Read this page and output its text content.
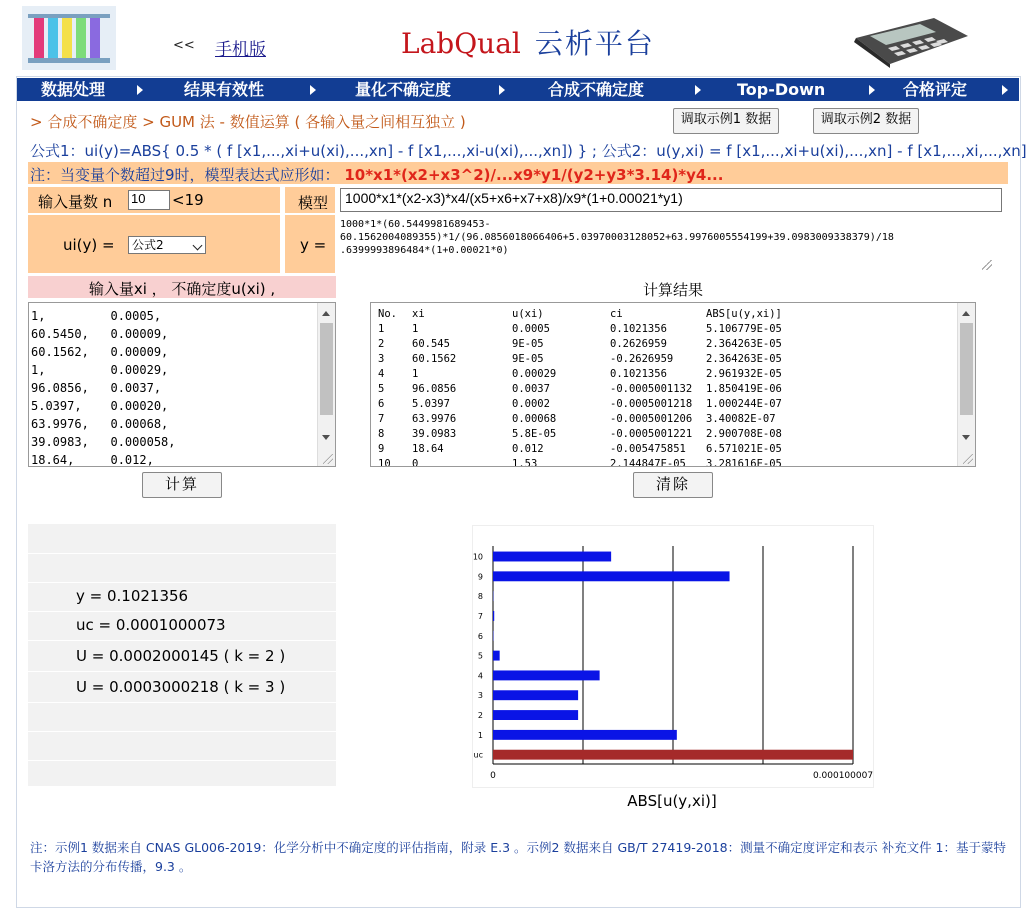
<< 手机版	LabQual 云析平台
数据处理	结果有效性	量化不确定度	合成不确定度	Top-Down	合格评定
> 合成不确定度 > GUM 法 - 数值运算 ( 各输入量之间相互独立 )	调取示例1 数据	调取示例2 数据
公式1：ui(y)=ABS{ 0.5 * ( f [x1,...,xi+u(xi),...,xn] - f [x1,...,xi-u(xi),...,xn]) } ; 公式2：u(y,xi) = f [x1,...,xi+u(xi),...,xn] - f [x1,...,xi,...,xn]
注：当变量个数超过9时，模型表达式应形如： 10*x1*(x2+x3^2)/...x9*y1/(y2+y3*3.14)*y4...
输入量数 n 10	<19	模型	1000*x1*(x2-x3)*x4/(x5+x6+x7+x8)/x9*(1+0.00021*y1)
ui(y) =	公式2	y =
1000*1*(60.5449981689453-
60.1562004089355)*1/(96.0856018066406+5.03970003128052+63.9976005554199+39.0983009338379)/18
.6399993896484*(1+0.00021*0)
输入量xi ， 不确定度u(xi) ,	计算结果
1,         0.0005,
60.5450,   0.00009,
60.1562,   0.00009,
1,         0.00029,
96.0856,   0.0037,
5.0397,    0.00020,
63.9976,   0.00068,
39.0983,   0.000058,
18.64,     0.012,
No.	xi	u(xi)	ci	ABS[u(y,xi)]
1	1	0.0005	0.1021356	5.106779E-05
2	60.545	9E-05	0.2626959	2.364263E-05
3	60.1562	9E-05	-0.2626959	2.364263E-05
4	1	0.00029	0.1021356	2.961932E-05
5	96.0856	0.0037	-0.0005001132	1.850419E-06
6	5.0397	0.0002	-0.0005001218	1.000244E-07
7	63.9976	0.00068	-0.0005001206	3.40082E-07
8	39.0983	5.8E-05	-0.0005001221	2.900708E-08
9	18.64	0.012	-0.005475851	6.571021E-05
10	0	1.53	2.144847E-05	3.281616E-05
计算	清除
y = 0.1021356
uc = 0.0001000073
U = 0.0002000145 ( k = 2 )
U = 0.0003000218 ( k = 3 )
10
9
8
7
6
5
4
3
2
1
uc
0	0.000100007
ABS[u(y,xi)]
注：示例1 数据来自 CNAS GL006-2019：化学分析中不确定度的评估指南，附录 E.3 。示例2 数据来自 GB/T 27419-2018：测量不确定度评定和表示 补充文件 1：基于蒙特卡洛方法的分布传播，9.3 。
